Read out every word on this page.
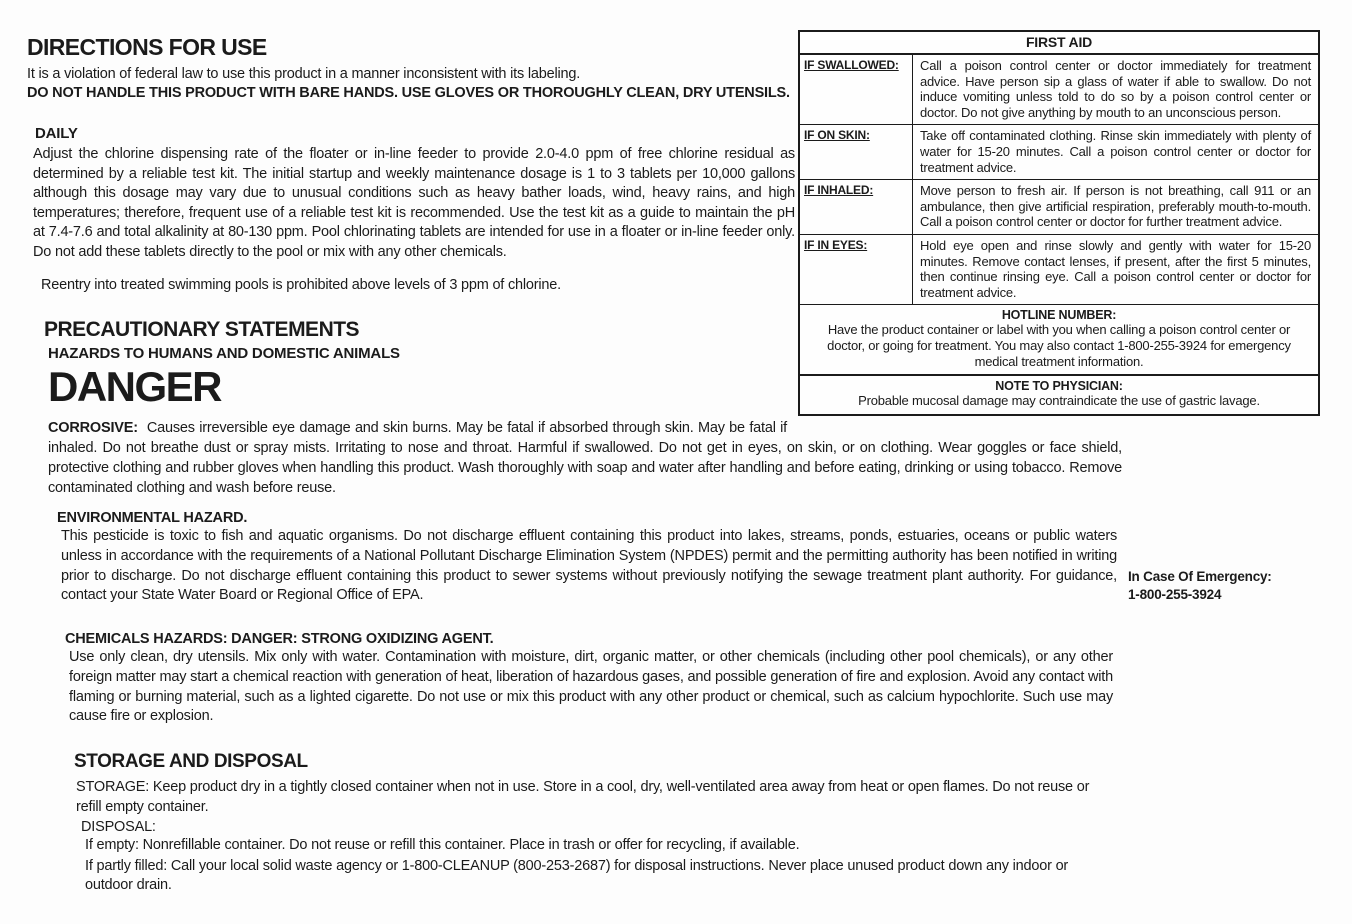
DIRECTIONS FOR USE

It is a violation of federal law to use this product in a manner inconsistent with its labeling.

DO NOT HANDLE THIS PRODUCT WITH BARE HANDS. USE GLOVES OR THOROUGHLY CLEAN, DRY UTENSILS.

DAILY

Adjust the chlorine dispensing rate of the floater or in-line feeder to provide 2.0-4.0 ppm of free chlorine residual as determined by a reliable test kit. The initial startup and weekly maintenance dosage is 1 to 3 tablets per 10,000 gallons although this dosage may vary due to unusual conditions such as heavy bather loads, wind, heavy rains, and high temperatures; therefore, frequent use of a reliable test kit is recommended. Use the test kit as a guide to maintain the pH at 7.4-7.6 and total alkalinity at 80-130 ppm. Pool chlorinating tablets are intended for use in a floater or in-line feeder only. Do not add these tablets directly to the pool or mix with any other chemicals.

Reentry into treated swimming pools is prohibited above levels of 3 ppm of chlorine.

FIRST AID
IF SWALLOWED:	Call a poison control center or doctor immediately for treatment advice. Have person sip a glass of water if able to swallow. Do not induce vomiting unless told to do so by a poison control center or doctor. Do not give anything by mouth to an unconscious person.
IF ON SKIN:	Take off contaminated clothing. Rinse skin immediately with plenty of water for 15-20 minutes. Call a poison control center or doctor for treatment advice.
IF INHALED:	Move person to fresh air. If person is not breathing, call 911 or an ambulance, then give artificial respiration, preferably mouth-to-mouth. Call a poison control center or doctor for further treatment advice.
IF IN EYES:	Hold eye open and rinse slowly and gently with water for 15-20 minutes. Remove contact lenses, if present, after the first 5 minutes, then continue rinsing eye. Call a poison control center or doctor for treatment advice.
HOTLINE NUMBER:
Have the product container or label with you when calling a poison control center or doctor, or going for treatment. You may also contact 1-800-255-3924 for emergency medical treatment information.
NOTE TO PHYSICIAN:
Probable mucosal damage may contraindicate the use of gastric lavage.
PRECAUTIONARY STATEMENTS
HAZARDS TO HUMANS AND DOMESTIC ANIMALS
DANGER

CORROSIVE: Causes irreversible eye damage and skin burns. May be fatal if absorbed through skin. May be fatal if inhaled. Do not breathe dust or spray mists. Irritating to nose and throat. Harmful if swallowed. Do not get in eyes, on skin, or on clothing. Wear goggles or face shield, protective clothing and rubber gloves when handling this product. Wash thoroughly with soap and water after handling and before eating, drinking or using tobacco. Remove contaminated clothing and wash before reuse.

ENVIRONMENTAL HAZARD.

This pesticide is toxic to fish and aquatic organisms. Do not discharge effluent containing this product into lakes, streams, ponds, estuaries, oceans or public waters unless in accordance with the requirements of a National Pollutant Discharge Elimination System (NPDES) permit and the permitting authority has been notified in writing prior to discharge. Do not discharge effluent containing this product to sewer systems without previously notifying the sewage treatment plant authority. For guidance, contact your State Water Board or Regional Office of EPA.

In Case Of Emergency:
1-800-255-3924
CHEMICALS HAZARDS: DANGER: STRONG OXIDIZING AGENT.

Use only clean, dry utensils. Mix only with water. Contamination with moisture, dirt, organic matter, or other chemicals (including other pool chemicals), or any other foreign matter may start a chemical reaction with generation of heat, liberation of hazardous gases, and possible generation of fire and explosion. Avoid any contact with flaming or burning material, such as a lighted cigarette. Do not use or mix this product with any other product or chemical, such as calcium hypochlorite. Such use may cause fire or explosion.

STORAGE AND DISPOSAL

STORAGE: Keep product dry in a tightly closed container when not in use. Store in a cool, dry, well-ventilated area away from heat or open flames. Do not reuse or refill empty container.

DISPOSAL:

If empty: Nonrefillable container. Do not reuse or refill this container. Place in trash or offer for recycling, if available.

If partly filled: Call your local solid waste agency or 1-800-CLEANUP (800-253-2687) for disposal instructions. Never place unused product down any indoor or outdoor drain.
